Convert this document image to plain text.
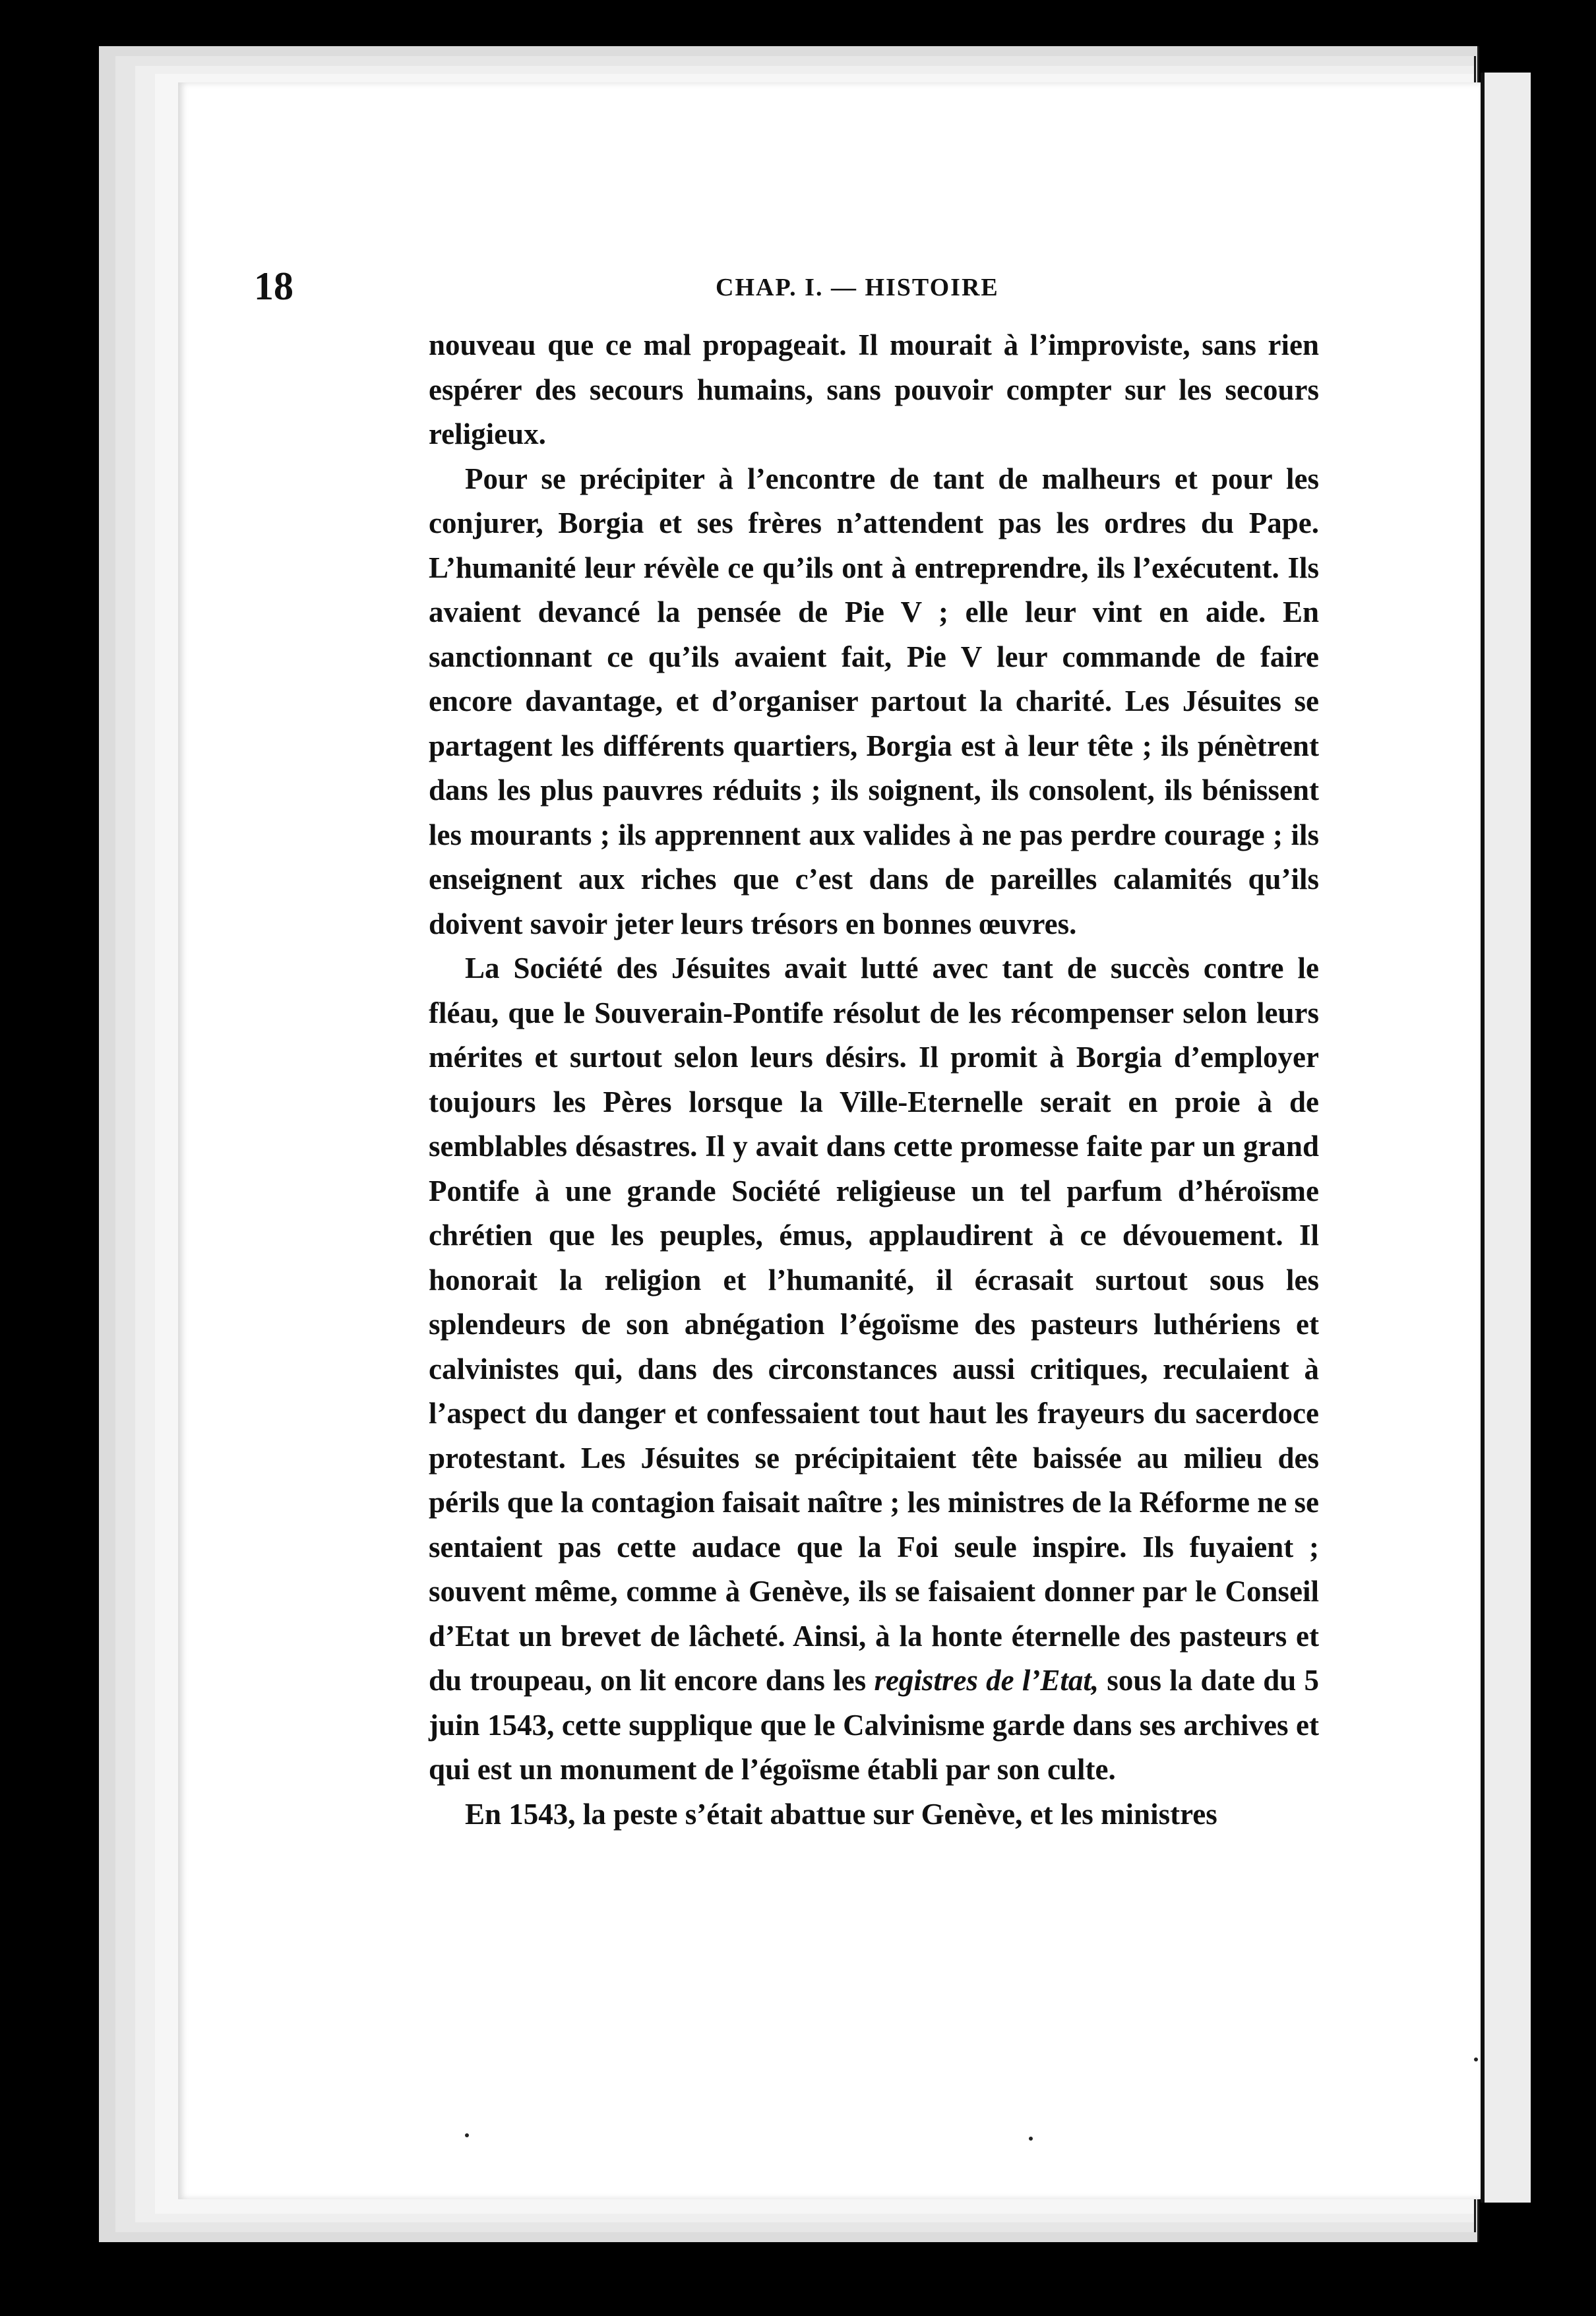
18	CHAP. I. — HISTOIRE

nouveau que ce mal propageait. Il mourait à l’improviste, sans rien espérer des secours humains, sans pouvoir compter sur les secours religieux.

Pour se précipiter à l’encontre de tant de malheurs et pour les conjurer, Borgia et ses frères n’attendent pas les ordres du Pape. L’humanité leur révèle ce qu’ils ont à entreprendre, ils l’exécutent. Ils avaient devancé la pensée de Pie V ; elle leur vint en aide. En sanctionnant ce qu’ils avaient fait, Pie V leur commande de faire encore davantage, et d’organiser partout la charité. Les Jésuites se partagent les différents quartiers, Borgia est à leur tête ; ils pénètrent dans les plus pauvres réduits ; ils soignent, ils consolent, ils bénissent les mourants ; ils apprennent aux valides à ne pas perdre courage ; ils enseignent aux riches que c’est dans de pareilles calamités qu’ils doivent savoir jeter leurs trésors en bonnes œuvres.

La Société des Jésuites avait lutté avec tant de succès contre le fléau, que le Souverain-Pontife résolut de les récompenser selon leurs mérites et surtout selon leurs désirs. Il promit à Borgia d’employer toujours les Pères lorsque la Ville-Eternelle serait en proie à de semblables désastres. Il y avait dans cette promesse faite par un grand Pontife à une grande Société religieuse un tel parfum d’héroïsme chrétien que les peuples, émus, applaudirent à ce dévouement. Il honorait la religion et l’humanité, il écrasait surtout sous les splendeurs de son abnégation l’égoïsme des pasteurs luthériens et calvinistes qui, dans des circonstances aussi critiques, reculaient à l’aspect du danger et confessaient tout haut les frayeurs du sacerdoce protestant. Les Jésuites se précipitaient tête baissée au milieu des périls que la contagion faisait naître ; les ministres de la Réforme ne se sentaient pas cette audace que la Foi seule inspire. Ils fuyaient ; souvent même, comme à Genève, ils se faisaient donner par le Conseil d’Etat un brevet de lâcheté. Ainsi, à la honte éternelle des pasteurs et du troupeau, on lit encore dans les registres de l’Etat, sous la date du 5 juin 1543, cette supplique que le Calvinisme garde dans ses archives et qui est un monument de l’égoïsme établi par son culte.

En 1543, la peste s’était abattue sur Genève, et les ministres
